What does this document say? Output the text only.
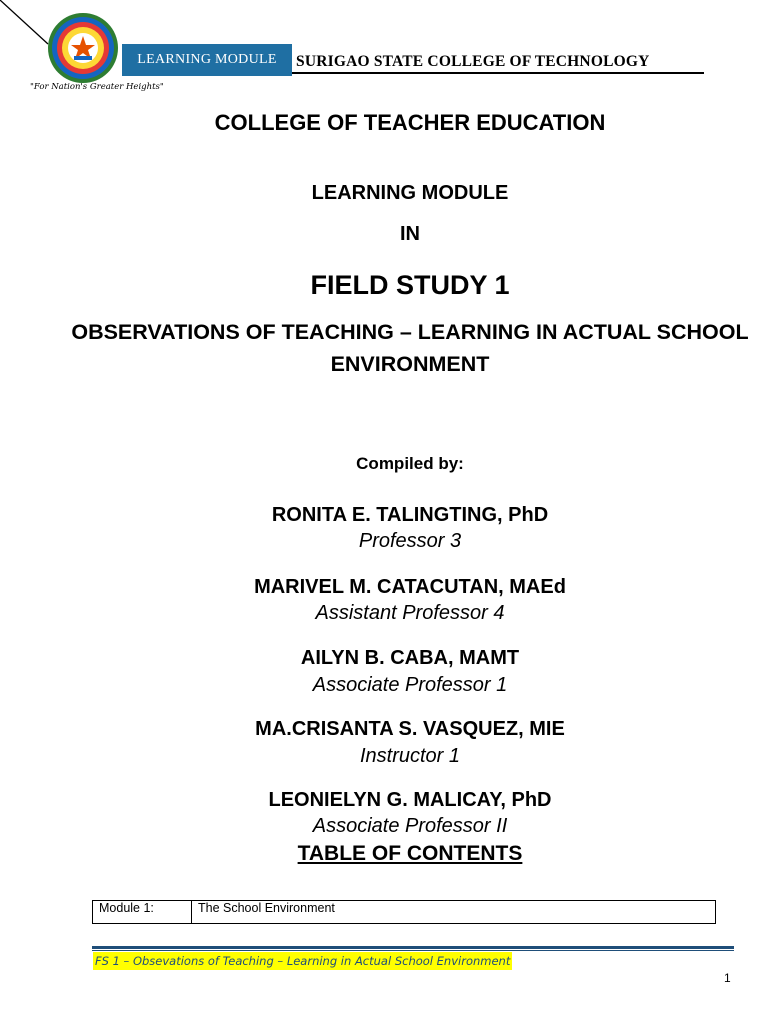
"For Nation's Greater Heights"
LEARNING MODULE	SURIGAO STATE COLLEGE OF TECHNOLOGY
COLLEGE OF TEACHER EDUCATION
LEARNING MODULE
IN
FIELD STUDY 1
OBSERVATIONS OF TEACHING – LEARNING IN ACTUAL SCHOOL ENVIRONMENT
Compiled by:
RONITA E. TALINGTING, PhD
Professor 3
MARIVEL M. CATACUTAN, MAEd
Assistant Professor 4
AILYN B. CABA, MAMT
Associate Professor 1
MA.CRISANTA S. VASQUEZ, MIE
Instructor 1
LEONIELYN G. MALICAY, PhD
Associate Professor II
TABLE OF CONTENTS
Module 1:	The School Environment
FS 1 – Obsevations of Teaching – Learning in Actual School Environment
1
